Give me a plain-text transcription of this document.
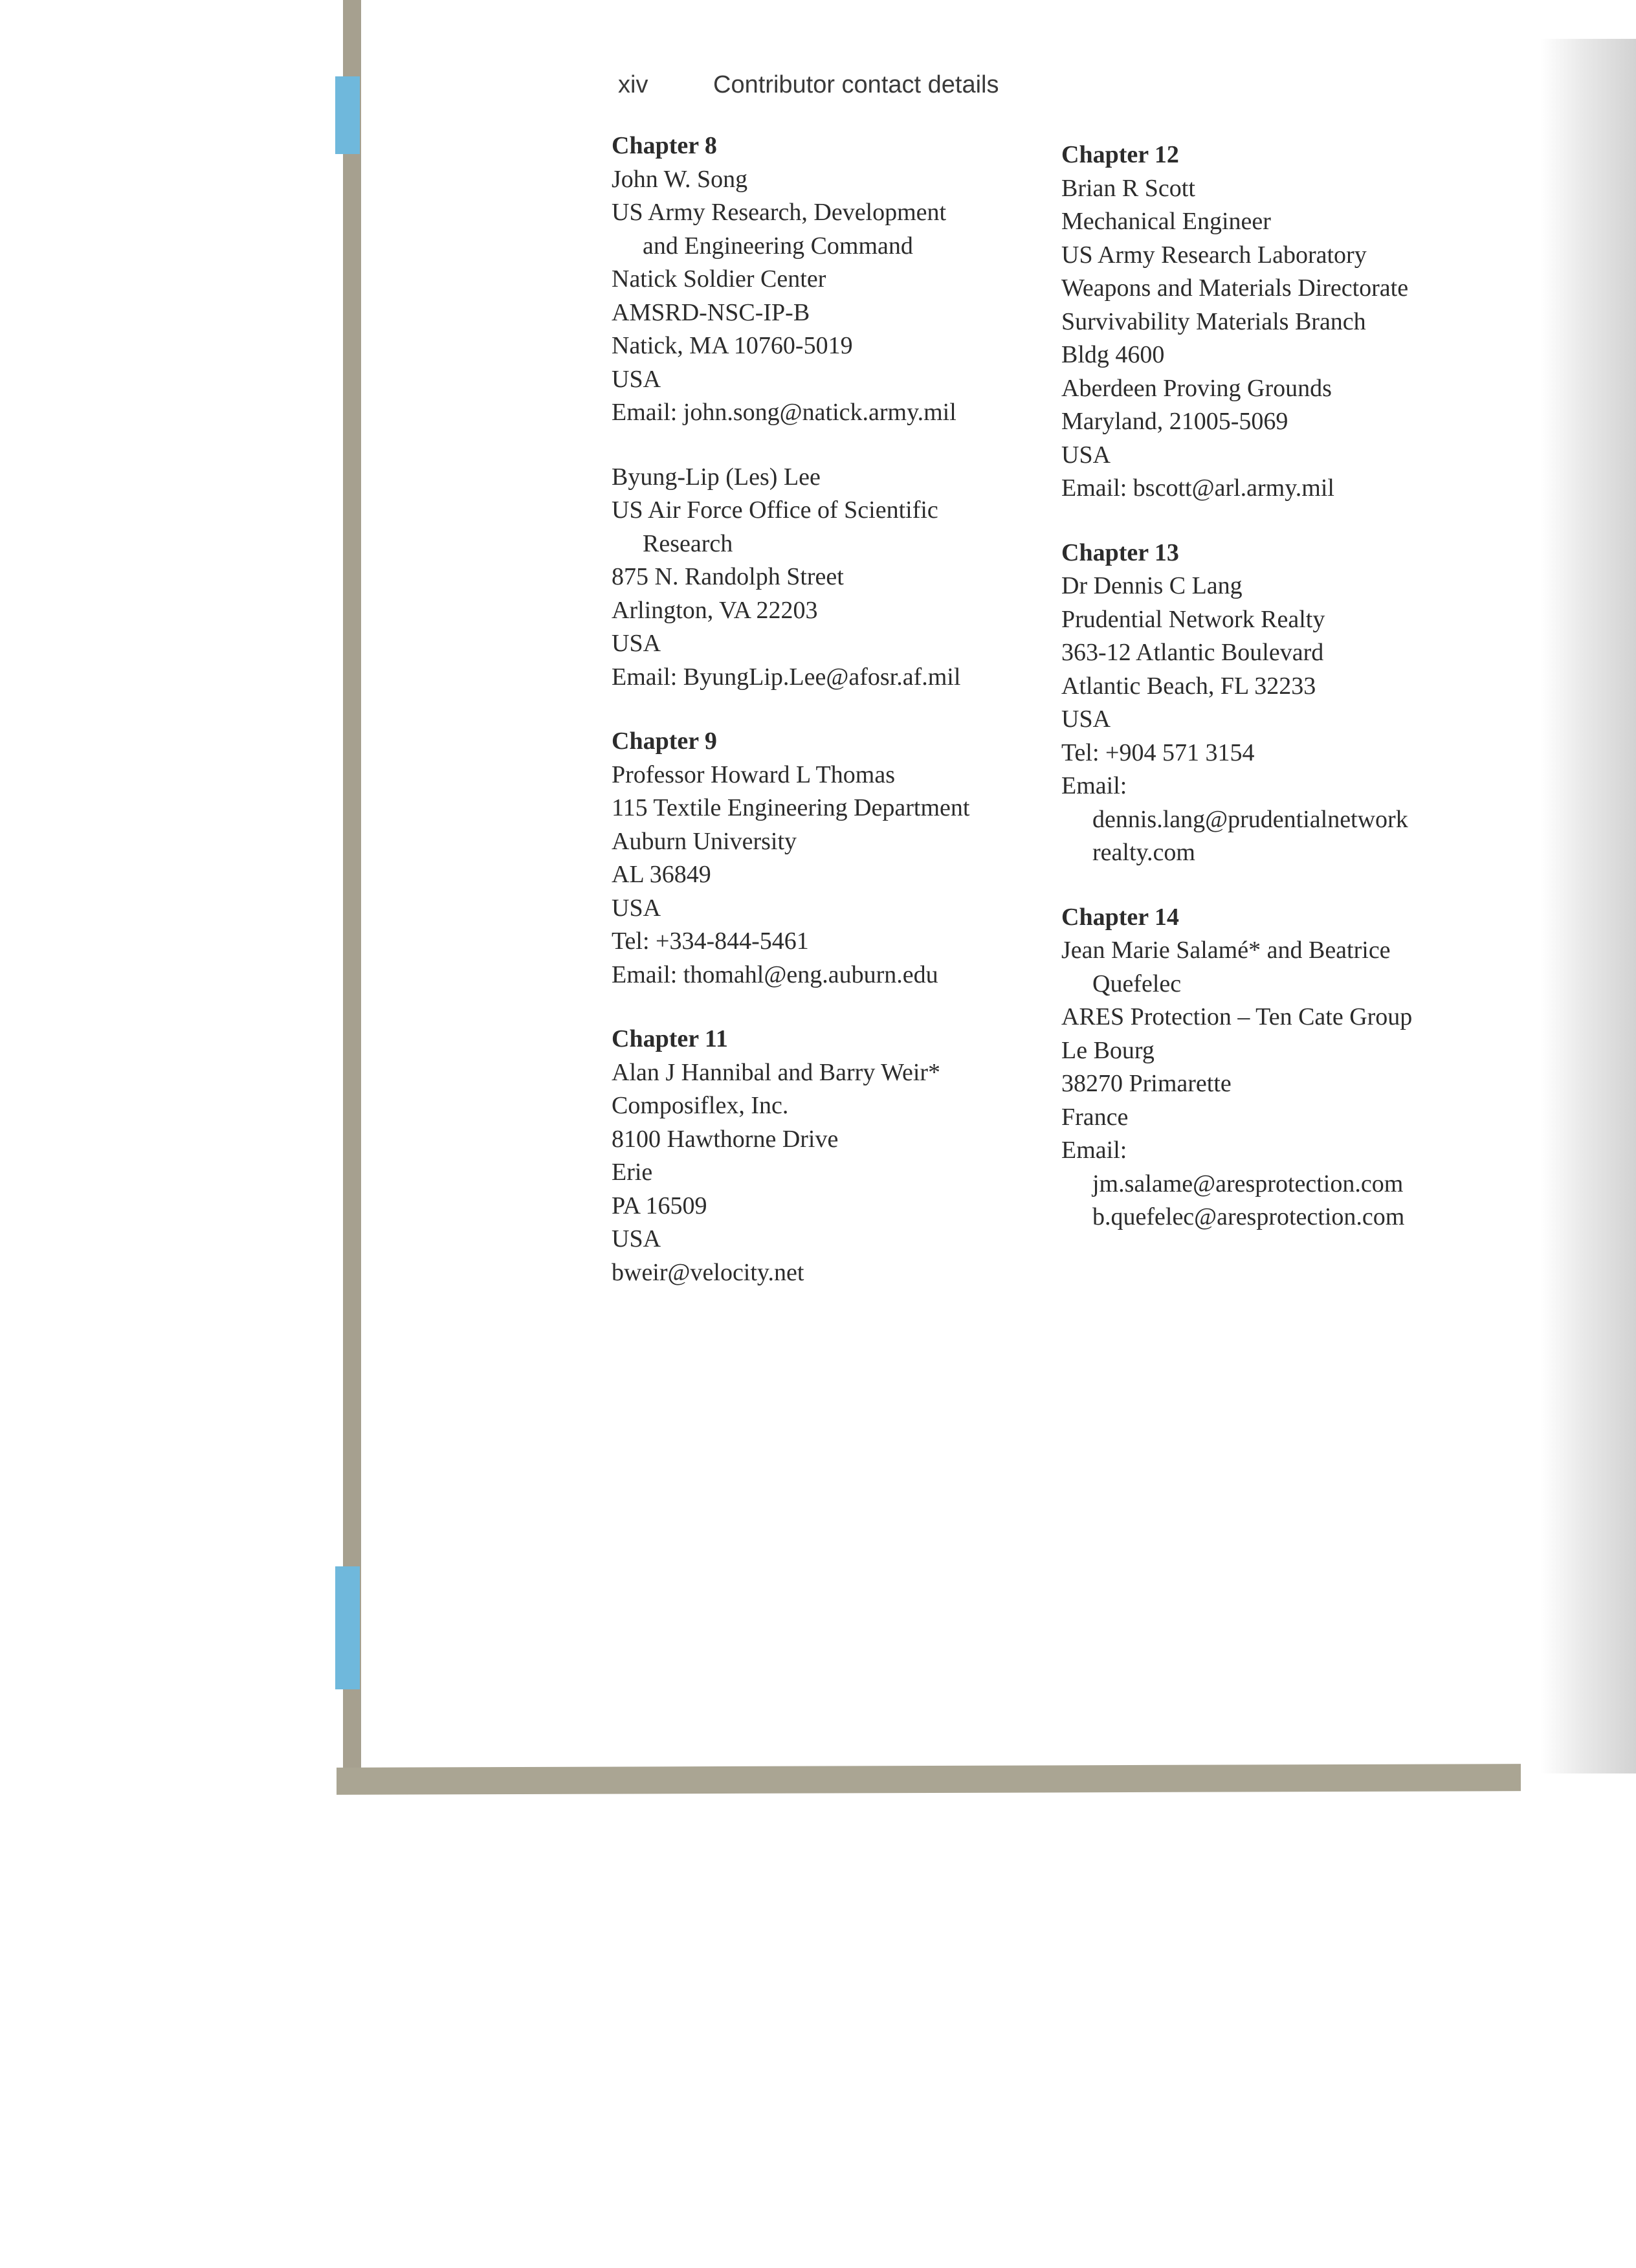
xiv	Contributor contact details
Chapter 8
John W. Song
US Army Research, Development
and Engineering Command
Natick Soldier Center
AMSRD-NSC-IP-B
Natick, MA 10760-5019
USA
Email: john.song@natick.army.mil
Byung-Lip (Les) Lee
US Air Force Office of Scientific
Research
875 N. Randolph Street
Arlington, VA 22203
USA
Email: ByungLip.Lee@afosr.af.mil
Chapter 9
Professor Howard L Thomas
115 Textile Engineering Department
Auburn University
AL 36849
USA
Tel: +334-844-5461
Email: thomahl@eng.auburn.edu
Chapter 11
Alan J Hannibal and Barry Weir*
Composiflex, Inc.
8100 Hawthorne Drive
Erie
PA 16509
USA
bweir@velocity.net
Chapter 12
Brian R Scott
Mechanical Engineer
US Army Research Laboratory
Weapons and Materials Directorate
Survivability Materials Branch
Bldg 4600
Aberdeen Proving Grounds
Maryland, 21005-5069
USA
Email: bscott@arl.army.mil
Chapter 13
Dr Dennis C Lang
Prudential Network Realty
363-12 Atlantic Boulevard
Atlantic Beach, FL 32233
USA
Tel: +904 571 3154
Email:
dennis.lang@prudentialnetwork
realty.com
Chapter 14
Jean Marie Salamé* and Beatrice
Quefelec
ARES Protection – Ten Cate Group
Le Bourg
38270 Primarette
France
Email:
jm.salame@aresprotection.com
b.quefelec@aresprotection.com
